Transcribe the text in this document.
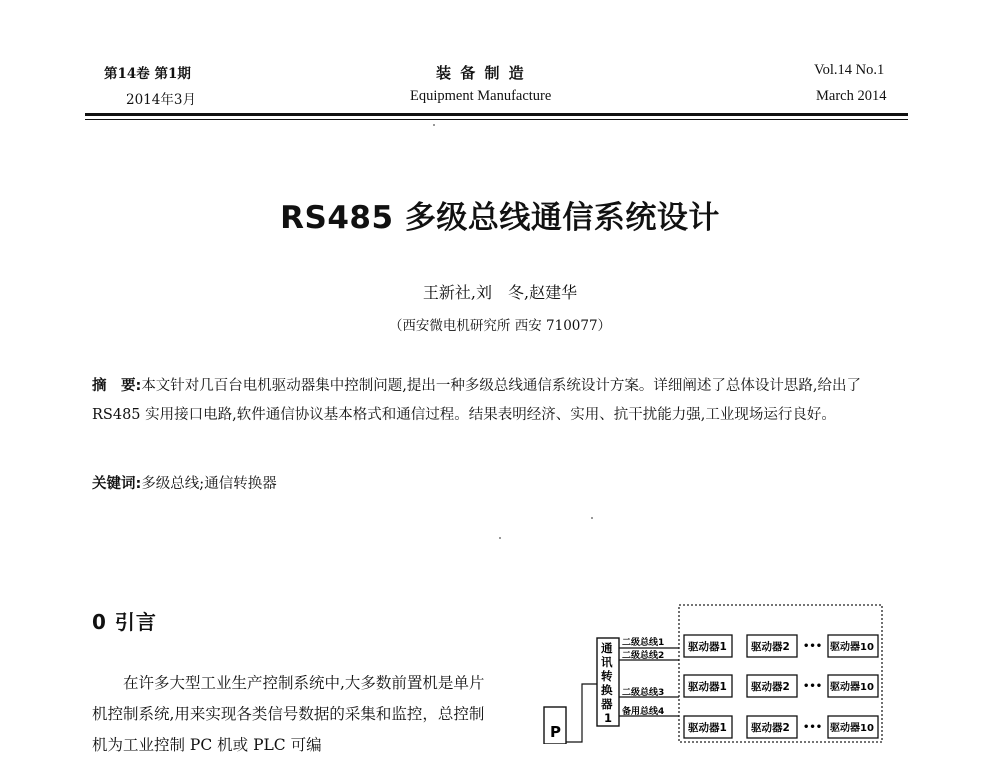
第14卷 第1期
2014年3月
装 备 制 造
Equipment Manufacture
Vol.14 No.1
March 2014
RS485 多级总线通信系统设计
王新社,刘　冬,赵建华
（西安微电机研究所 西安 710077）
摘　要:本文针对几百台电机驱动器集中控制问题,提出一种多级总线通信系统设计方案。详细阐述了总体设计思路,给出了 RS485 实用接口电路,软件通信协议基本格式和通信过程。结果表明经济、实用、抗干扰能力强,工业现场运行良好。
关键词:多级总线;通信转换器
0 引言
在许多大型工业生产控制系统中,大多数前置机是单片机控制系统,用来实现各类信号数据的采集和监控，总控制机为工业控制 PC 机或 PLC 可编
P
通
讯
转
换
器
1
二级总线1
二级总线2
二级总线3
备用总线4
驱动器1 驱动器2 ••• 驱动器10
驱动器1 驱动器2 ••• 驱动器10
驱动器1 驱动器2 ••• 驱动器10
